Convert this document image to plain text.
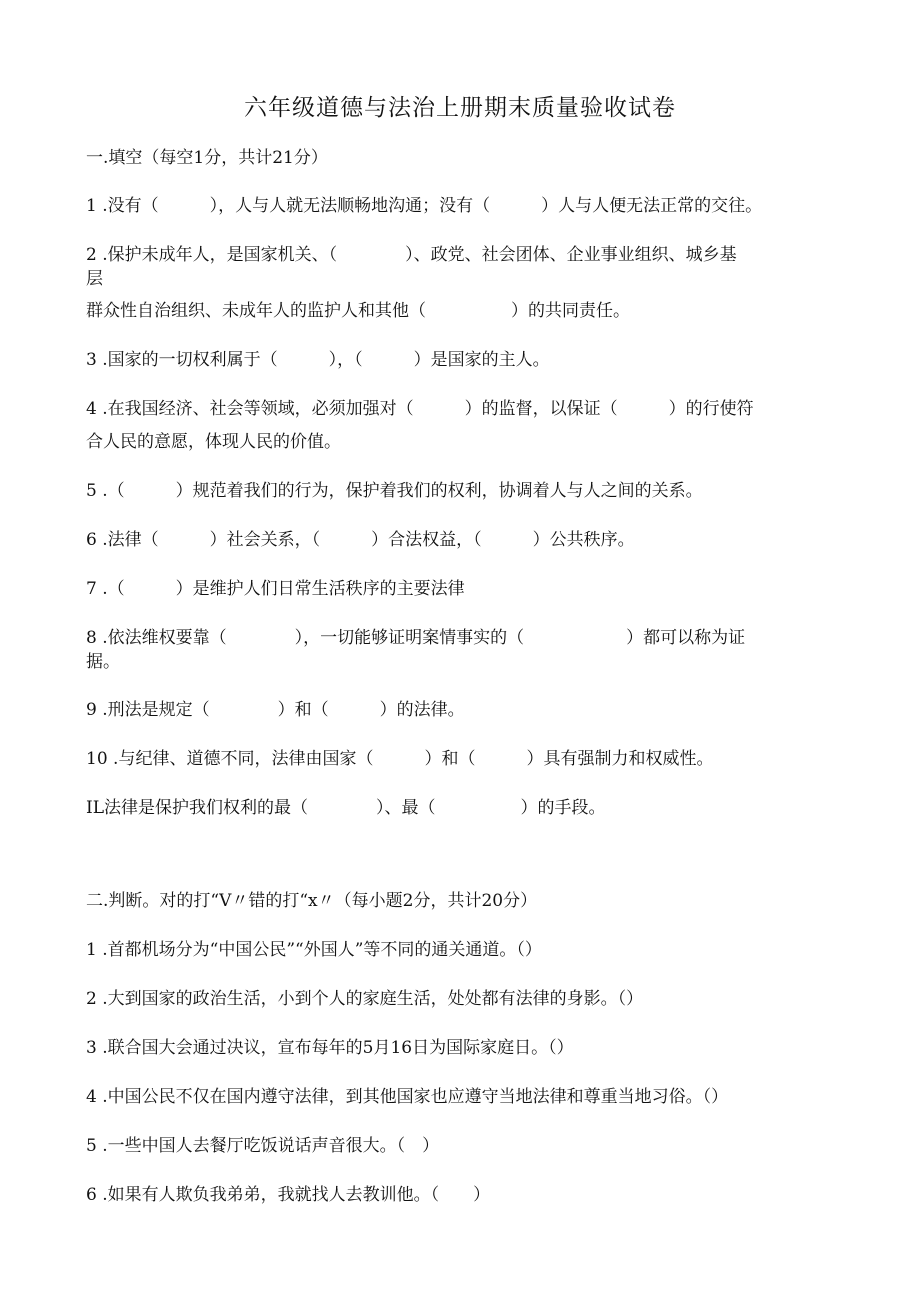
六年级道德与法治上册期末质量验收试卷
一.填空（每空1分，共计21分）
1 .没有（　　　），人与人就无法顺畅地沟通；没有（　　　）人与人便无法正常的交往。
2 .保护未成年人，是国家机关、（　　　　）、政党、社会团体、企业事业组织、城乡基
层
群众性自治组织、未成年人的监护人和其他（　　　　　）的共同责任。
3 .国家的一切权利属于（　　　），（　　　）是国家的主人。
4 .在我国经济、社会等领域，必须加强对（　　　）的监督，以保证（　　　）的行使符
合人民的意愿，体现人民的价值。
5 .（　　　）规范着我们的行为，保护着我们的权利，协调着人与人之间的关系。
6 .法律（　　　）社会关系，（　　　）合法权益，（　　　）公共秩序。
7 .（　　　）是维护人们日常生活秩序的主要法律
8 .依法维权要靠（　　　　），一切能够证明案情事实的（　　　　　　）都可以称为证
据。
9 .刑法是规定（　　　　）和（　　　）的法律。
10 .与纪律、道德不同，法律由国家（　　　）和（　　　）具有强制力和权威性。
IL法律是保护我们权利的最（　　　　）、最（　　　　　）的手段。
二.判断。对的打“V〃错的打“x〃（每小题2分，共计20分）
1 .首都机场分为“中国公民”“外国人”等不同的通关通道。（）
2 .大到国家的政治生活，小到个人的家庭生活，处处都有法律的身影。（）
3 .联合国大会通过决议，宣布每年的5月16日为国际家庭日。（）
4 .中国公民不仅在国内遵守法律，到其他国家也应遵守当地法律和尊重当地习俗。（）
5 .一些中国人去餐厅吃饭说话声音很大。（　）
6 .如果有人欺负我弟弟，我就找人去教训他。（　　）
